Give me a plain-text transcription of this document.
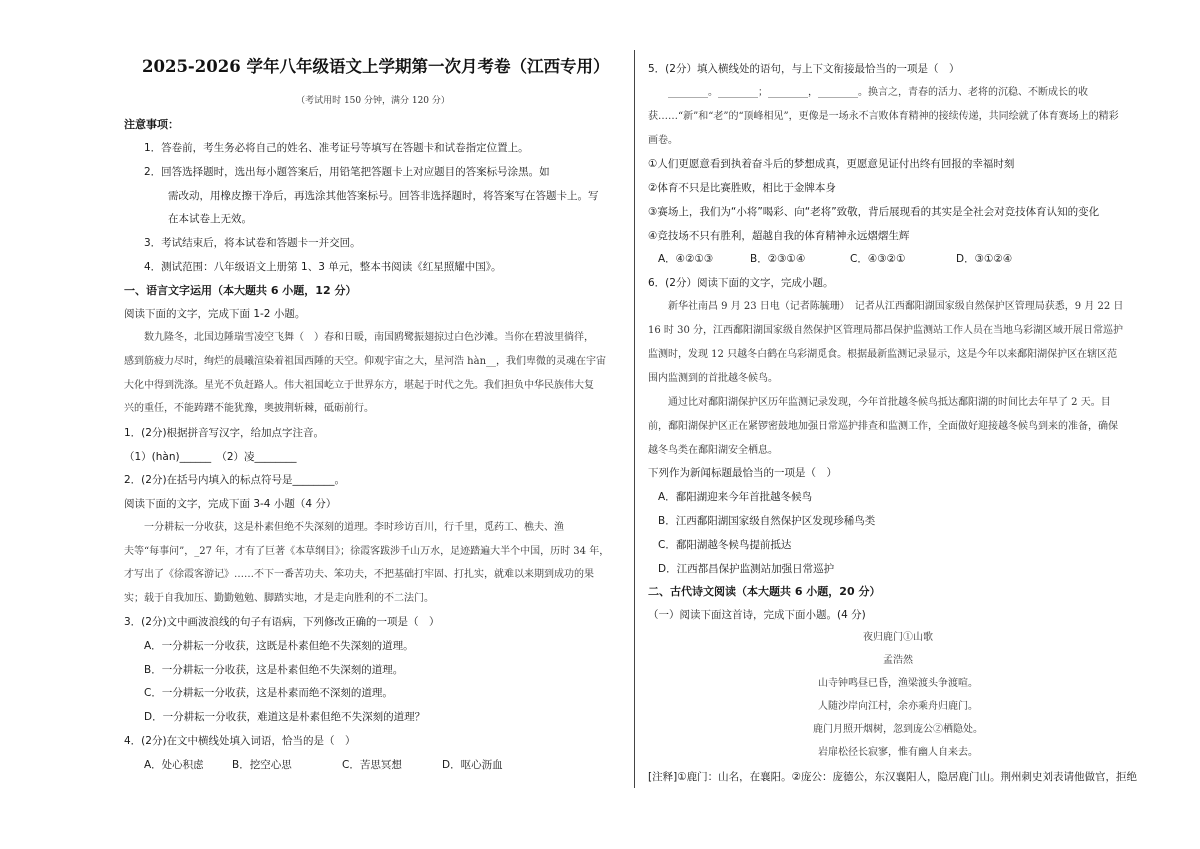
2025-2026 学年八年级语文上学期第一次月考卷（江西专用）
（考试用时 150 分钟，满分 120 分）
注意事项：
1．答卷前，考生务必将自己的姓名、准考证号等填写在答题卡和试卷指定位置上。
2．回答选择题时，选出每小题答案后，用铅笔把答题卡上对应题目的答案标号涂黑。如
需改动，用橡皮擦干净后，再选涂其他答案标号。回答非选择题时，将答案写在答题卡上。写
在本试卷上无效。
3．考试结束后，将本试卷和答题卡一并交回。
4．测试范围：八年级语文上册第 1、3 单元，整本书阅读《红星照耀中国》。
一、语言文字运用（本大题共 6 小题，12 分）
阅读下面的文字，完成下面 1-2 小题。
数九隆冬，北国边陲瑞雪凌空飞舞（　）春和日暖，南国鸥鹭振翅掠过白色沙滩。当你在碧波里徜徉，
感到筋疲力尽时，绚烂的晨曦渲染着祖国西陲的天空。仰观宇宙之大，星河浩 hàn__，我们卑微的灵魂在宇宙
大化中得到洗涤。星光不负赶路人。伟大祖国屹立于世界东方，堪起于时代之先。我们担负中华民族伟大复
兴的重任，不能踌躇不能犹豫，奥披荆斩棘，砥砺前行。
1．(2分)根据拼音写汉字，给加点字注音。
（1）(hàn)______　（2）凌________
2．(2分)在括号内填入的标点符号是________。
阅读下面的文字，完成下面 3-4 小题（4 分）
一分耕耘一分收获，这是朴素但绝不失深刻的道理。李时珍访百川，行千里，觅药工、樵夫、渔
夫等“每事问”，_27 年，才有了巨著《本草纲目》；徐霞客跋涉千山万水，足迹踏遍大半个中国，历时 34 年，
才写出了《徐霞客游记》……不下一番苦功夫、笨功夫，不把基础打牢固、打扎实，就难以来期到成功的果
实；载于自我加压、勤勤勉勉、脚踏实地，才是走向胜利的不二法门。
3．(2分)文中画波浪线的句子有语病，下列修改正确的一项是（　）
A．一分耕耘一分收获，这既是朴素但绝不失深刻的道理。
B．一分耕耘一分收获，这是朴素但绝不失深刻的道理。
C．一分耕耘一分收获，这是朴素而绝不深刻的道理。
D．一分耕耘一分收获，难道这是朴素但绝不失深刻的道理？
4．(2分)在文中横线处填入词语，恰当的是（　）
A．处心积虑	B．挖空心思	C．苦思冥想	D．呕心沥血
5．(2分）填入横线处的语句，与上下文衔接最恰当的一项是（　）
________。________；________，________。换言之，青春的活力、老将的沉稳、不断成长的收
获……“新”和“老”的“顶峰相见”，更像是一场永不言败体育精神的接续传递，共同绘就了体育赛场上的精彩
画卷。
①人们更愿意看到执着奋斗后的梦想成真，更愿意见证付出终有回报的幸福时刻
②体育不只是比赛胜败，相比于金牌本身
③赛场上，我们为“小将”喝彩、向“老将”致敬，背后展现看的其实是全社会对竞技体育认知的变化
④竞技场不只有胜利，超越自我的体育精神永远熠熠生辉
A．④②①③	B．②③①④	C．④③②①	D．③①②④
6．(2分）阅读下面的文字，完成小题。
新华社南昌 9 月 23 日电（记者陈毓珊）　记者从江西鄱阳湖国家级自然保护区管理局获悉，9 月 22 日
16 时 30 分，江西鄱阳湖国家级自然保护区管理局都昌保护监测站工作人员在当地乌彩湖区域开展日常巡护
监测时，发现 12 只越冬白鹤在乌彩湖觅食。根据最新监测记录显示，这是今年以来鄱阳湖保护区在辖区范
围内监测到的首批越冬候鸟。
通过比对鄱阳湖保护区历年监测记录发现，今年首批越冬候鸟抵达鄱阳湖的时间比去年早了 2 天。目
前，鄱阳湖保护区正在紧锣密鼓地加强日常巡护排查和监测工作，全面做好迎接越冬候鸟到来的准备，确保
越冬鸟类在鄱阳湖安全栖息。
下列作为新闻标题最恰当的一项是（　）
A．鄱阳湖迎来今年首批越冬候鸟
B．江西鄱阳湖国家级自然保护区发现珍稀鸟类
C．鄱阳湖越冬候鸟提前抵达
D．江西都昌保护监测站加强日常巡护
二、古代诗文阅读（本大题共 6 小题，20 分）
（一）阅读下面这首诗，完成下面小题。(4 分)
夜归鹿门①山歌
孟浩然
山寺钟鸣昼已昏，渔梁渡头争渡喧。
人随沙岸向江村，余亦乘舟归鹿门。
鹿门月照开烟树，忽到庞公②栖隐处。
岩扉松径长寂寥，惟有幽人自来去。
[注释]①鹿门：山名，在襄阳。②庞公：庞德公，东汉襄阳人，隐居鹿门山。荆州刺史刘表请他做官，拒绝
